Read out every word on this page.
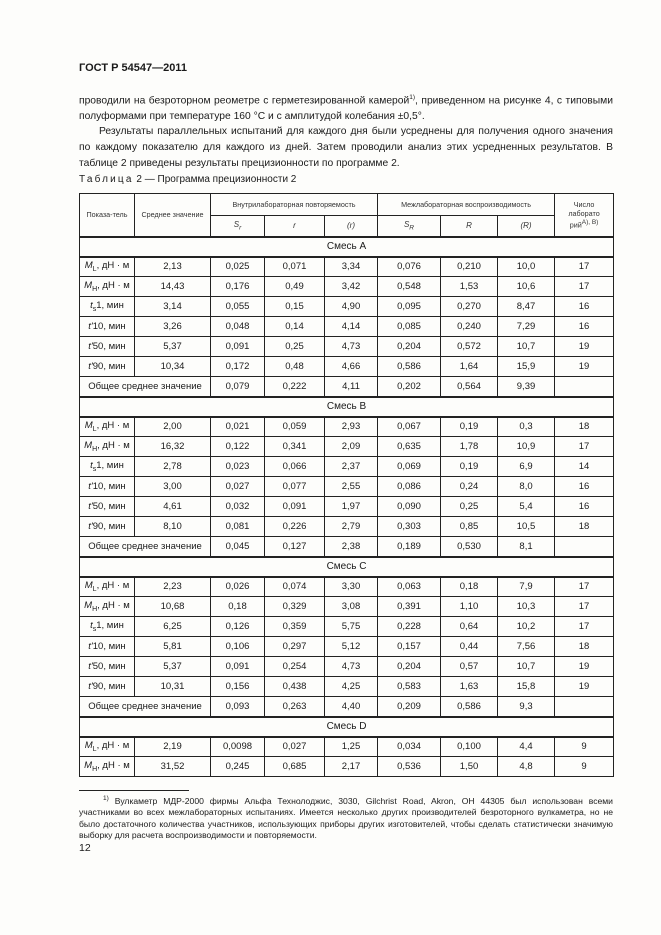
ГОСТ Р 54547—2011
проводили на безроторном реометре с герметезированной камерой$^{1)}$, приведенном на рисунке 4, с типовыми полуформами при температуре 160 °С и с амплитудой колебания ±0,5°.
Результаты параллельных испытаний для каждого дня были усреднены для получения одного значения по каждому показателю для каждого из дней. Затем проводили анализ этих усредненных результатов. В таблице 2 приведены результаты прецизионности по программе 2.
Таблица 2 — Программа прецизионности 2
Показа-тель	Среднее значение	Внутрилабораторная повторяемость			Межлабораторная воспроизводимость			Число лаборато рий$^{А), В)}$
		$S_r$	r	(r)	$S_R$	R	(R)	
Смесь А								
$M_L$, дН · м	2,13	0,025	0,071	3,34	0,076	0,210	10,0	17
$M_H$, дН · м	14,43	0,176	0,49	3,42	0,548	1,53	10,6	17
$t_s1$, мин	3,14	0,055	0,15	4,90	0,095	0,270	8,47	16
t'10, мин	3,26	0,048	0,14	4,14	0,085	0,240	7,29	16
t'50, мин	5,37	0,091	0,25	4,73	0,204	0,572	10,7	19
t'90, мин	10,34	0,172	0,48	4,66	0,586	1,64	15,9	19
Общее среднее значение		0,079	0,222	4,11	0,202	0,564	9,39	
Смесь В								
$M_L$, дН · м	2,00	0,021	0,059	2,93	0,067	0,19	0,3	18
$M_H$, дН · м	16,32	0,122	0,341	2,09	0,635	1,78	10,9	17
$t_s1$, мин	2,78	0,023	0,066	2,37	0,069	0,19	6,9	14
t'10, мин	3,00	0,027	0,077	2,55	0,086	0,24	8,0	16
t'50, мин	4,61	0,032	0,091	1,97	0,090	0,25	5,4	16
t'90, мин	8,10	0,081	0,226	2,79	0,303	0,85	10,5	18
Общее среднее значение		0,045	0,127	2,38	0,189	0,530	8,1	
Смесь С								
$M_L$, дН · м	2,23	0,026	0,074	3,30	0,063	0,18	7,9	17
$M_H$, дН · м	10,68	0,18	0,329	3,08	0,391	1,10	10,3	17
$t_s1$, мин	6,25	0,126	0,359	5,75	0,228	0,64	10,2	17
t'10, мин	5,81	0,106	0,297	5,12	0,157	0,44	7,56	18
t'50, мин	5,37	0,091	0,254	4,73	0,204	0,57	10,7	19
t'90, мин	10,31	0,156	0,438	4,25	0,583	1,63	15,8	19
Общее среднее значение		0,093	0,263	4,40	0,209	0,586	9,3	
Смесь D								
$M_L$, дН · м	2,19	0,0098	0,027	1,25	0,034	0,100	4,4	9
$M_H$, дН · м	31,52	0,245	0,685	2,17	0,536	1,50	4,8	9
$^{1)}$ Вулкаметр МДР-2000 фирмы Альфа Технолоджис, 3030, Gilchrist Road, Akron, OH 44305 был использован всеми участниками во всех межлабораторных испытаниях. Имеется несколько других производителей безроторного вулкаметра, но не было достаточного количества участников, использующих приборы других изготовителей, чтобы сделать статистически значимую выборку для расчета воспроизводимости и повторяемости.
12
